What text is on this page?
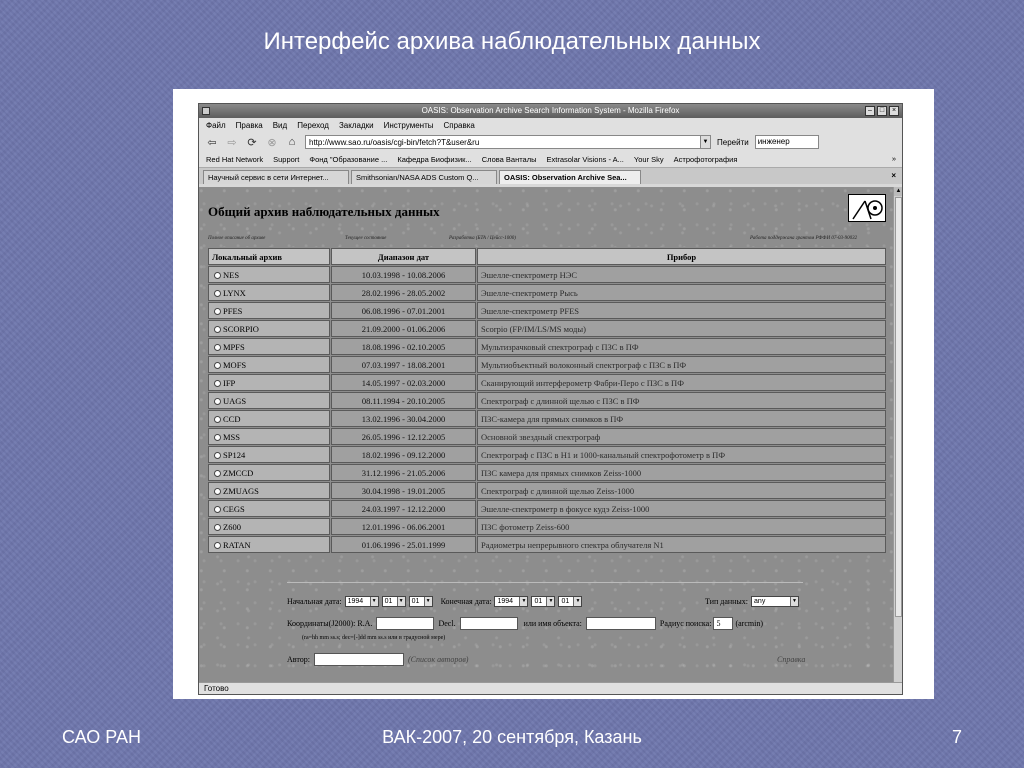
Интерфейс архива наблюдательных данных
OASIS: Observation Archive Search Information System - Mozilla Firefox	–	□	×
Файл Правка Вид Переход Закладки Инструменты Справка
⇦ ⇨ ⟳ ⊗	⌂	http://www.sao.ru/oasis/cgi-bin/fetch?T&user&ru	▼ Перейти	инженер
Red Hat Network Support Фонд "Образование ... Кафедра Биофизик... Слова Ванталы Extrasolar Visions - A... Your Sky Астрофотография	»
Научный сервис в сети Интернет...	Smithsonian/NASA ADS Custom Q...	OASIS: Observation Archive Sea...	×
Общий архив наблюдательных данных
Полное описание об архиве	Текущее состояние	Разработка (БТА / Цейсс-1000)	Работа поддержана грантом РФФИ 07-03-90032
Локальный архив	Диапазон дат	Прибор
NES	10.03.1998 - 10.08.2006	Эшелле-спектрометр НЭС
LYNX	28.02.1996 - 28.05.2002	Эшелле-спектрометр Рысь
PFES	06.08.1996 - 07.01.2001	Эшелле-спектрометр PFES
SCORPIO	21.09.2000 - 01.06.2006	Scorpio (FP/IM/LS/MS моды)
MPFS	18.08.1996 - 02.10.2005	Мультизрачковый спектрограф с ПЗС в ПФ
MOFS	07.03.1997 - 18.08.2001	Мультиобъектный волоконный спектрограф с ПЗС в ПФ
IFP	14.05.1997 - 02.03.2000	Сканирующий интерферометр Фабри-Перо с ПЗС в ПФ
UAGS	08.11.1994 - 20.10.2005	Спектрограф с длинной щелью с ПЗС в ПФ
CCD	13.02.1996 - 30.04.2000	ПЗС-камера для прямых снимков в ПФ
MSS	26.05.1996 - 12.12.2005	Основной звездный спектрограф
SP124	18.02.1996 - 09.12.2000	Спектрограф с ПЗС в Н1 и 1000-канальный спектрофотометр в ПФ
ZMCCD	31.12.1996 - 21.05.2006	ПЗС камера для прямых снимков Zeiss-1000
ZMUAGS	30.04.1998 - 19.01.2005	Спектрограф с длинной щелью Zeiss-1000
CEGS	24.03.1997 - 12.12.2000	Эшелле-спектрометр в фокусе кудэ Zeiss-1000
Z600	12.01.1996 - 06.06.2001	ПЗС фотометр Zeiss-600
RATAN	01.06.1996 - 25.01.1999	Радиометры непрерывного спектра облучателя N1
Начальная дата: 1994	▼	01	▼	01	▼ Конечная дата: 1994	▼	01	▼	01	▼	Тип данных: any	▼
Координаты(J2000): R.A.	Decl.	или имя объекта:	Радиус поиска: 5	(arcmin)
(ra=hh mm ss.s; dec=[-]dd mm ss.s или в градусной мере)
Автор:	(Список авторов)	Справка
▲
Готово
САО РАН	ВАК-2007, 20 сентября, Казань	7
